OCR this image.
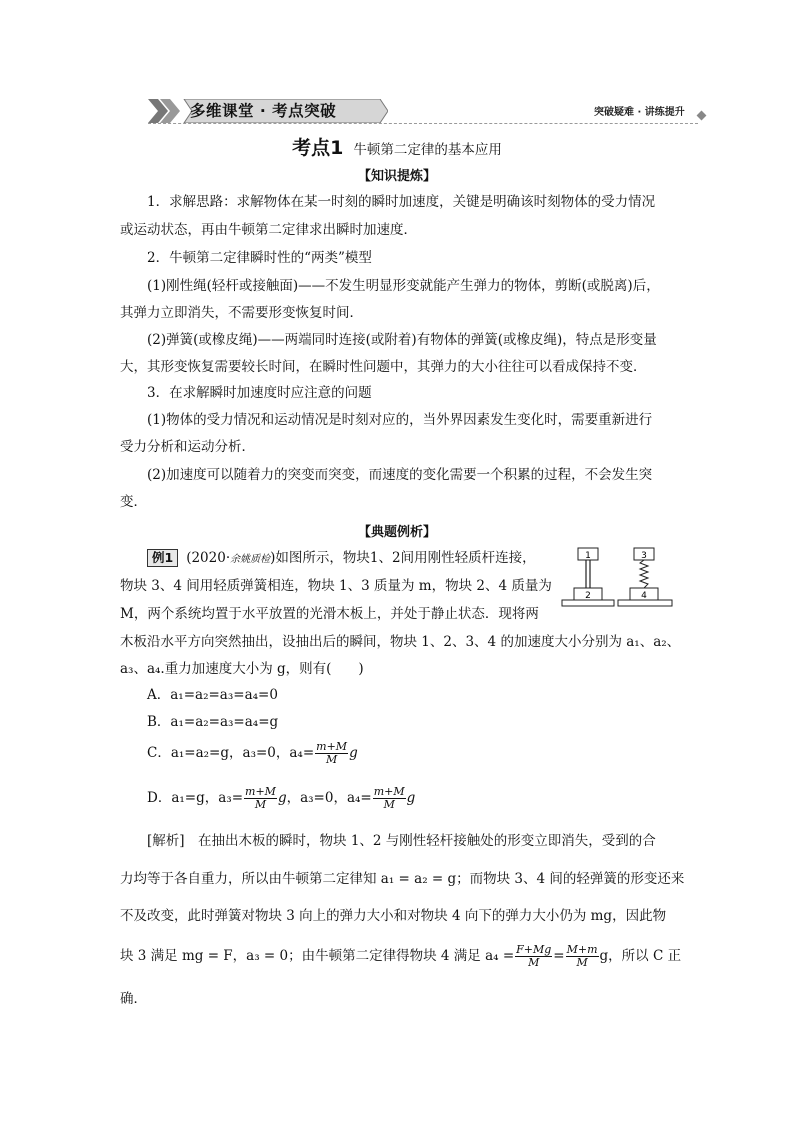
多维课堂 · 考点突破	突破疑难 · 讲练提升
考点1 牛顿第二定律的基本应用
【知识提炼】
1．求解思路：求解物体在某一时刻的瞬时加速度，关键是明确该时刻物体的受力情况
或运动状态，再由牛顿第二定律求出瞬时加速度．
2．牛顿第二定律瞬时性的“两类”模型
(1)刚性绳(轻杆或接触面)——不发生明显形变就能产生弹力的物体，剪断(或脱离)后，
其弹力立即消失，不需要形变恢复时间．
(2)弹簧(或橡皮绳)——两端同时连接(或附着)有物体的弹簧(或橡皮绳)，特点是形变量
大，其形变恢复需要较长时间，在瞬时性问题中，其弹力的大小往往可以看成保持不变．
3．在求解瞬时加速度时应注意的问题
(1)物体的受力情况和运动情况是时刻对应的，当外界因素发生变化时，需要重新进行
受力分析和运动分析．
(2)加速度可以随着力的突变而突变，而速度的变化需要一个积累的过程，不会发生突
变．
【典题例析】
例1 (2020·余姚质检)如图所示，物块1、2间用刚性轻质杆连接，
物块 3、4 间用轻质弹簧相连，物块 1、3 质量为 m，物块 2、4 质量为
M，两个系统均置于水平放置的光滑木板上，并处于静止状态．现将两
木板沿水平方向突然抽出，设抽出后的瞬间，物块 1、2、3、4 的加速度大小分别为 a₁、a₂、
a₃、a₄.重力加速度大小为 g，则有(　　)
1
2
3
4
A．a₁=a₂=a₃=a₄=0
B．a₁=a₂=a₃=a₄=g
C．a₁=a₂=g，a₃=0，$a_4= \frac{m+M}{M}$ g
D．a₁=g，$a_3= \frac{m+M}{M}$ g，a₃=0，$a_4= \frac{m+M}{M}$ g
[解析]　在抽出木板的瞬时，物块 1、2 与刚性轻杆接触处的形变立即消失，受到的合
力均等于各自重力，所以由牛顿第二定律知 a₁ = a₂ = g；而物块 3、4 间的轻弹簧的形变还来
不及改变，此时弹簧对物块 3 向上的弹力大小和对物块 4 向下的弹力大小仍为 mg，因此物
块 3 满足 mg = F，a₃ = 0；由牛顿第二定律得物块 4 满足 $a_4 = \frac{F+Mg}{M} = \frac{M+m}{M}$ g，所以 C 正
确．
